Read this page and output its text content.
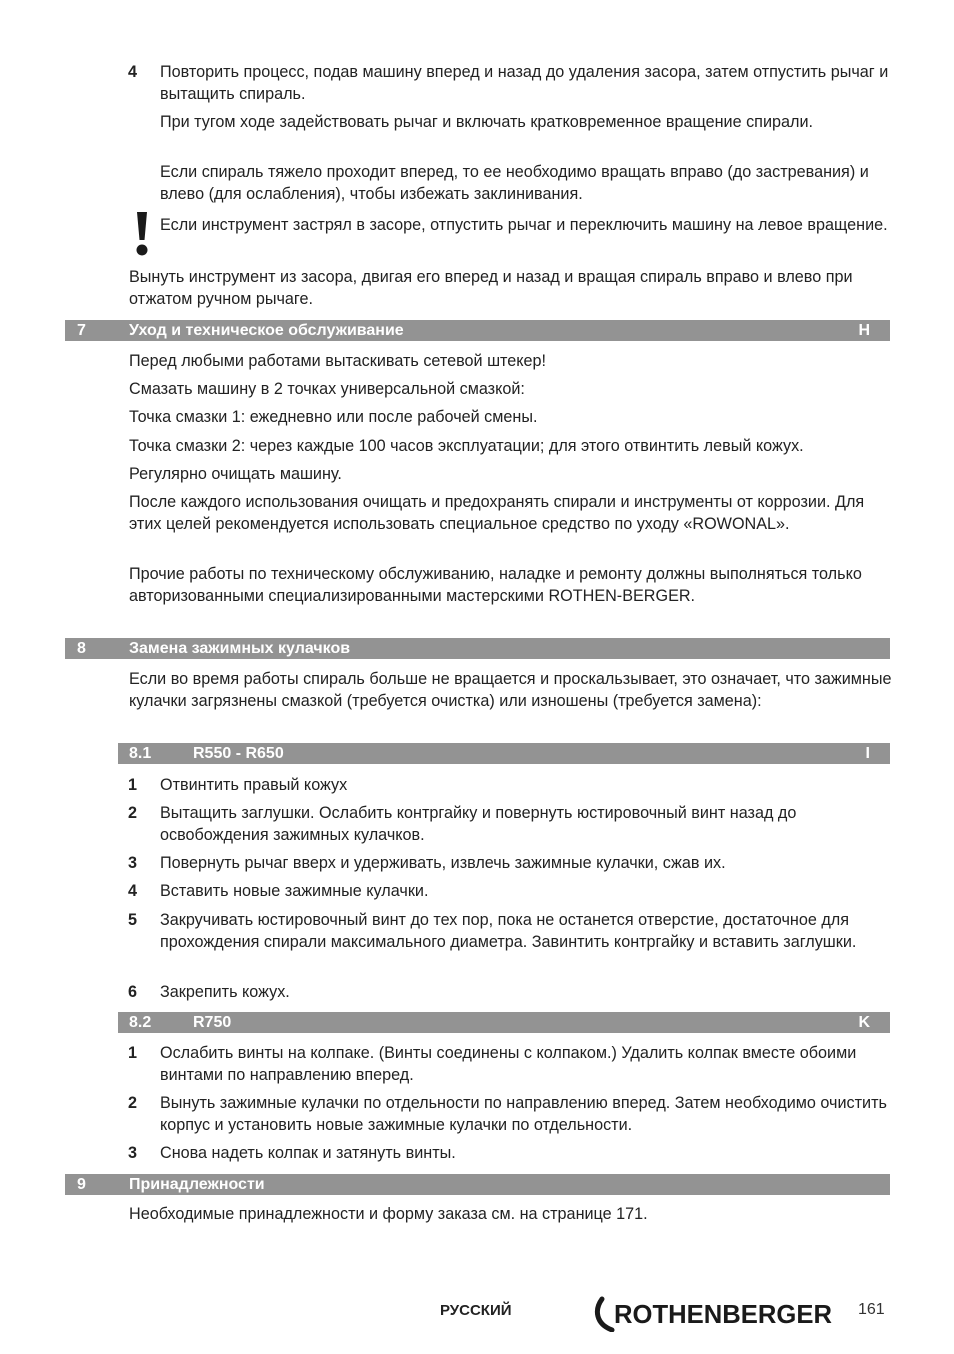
4 Повторить процесс, подав машину вперед и назад до удаления засора, затем отпустить рычаг и вытащить спираль.
При тугом ходе задействовать рычаг и включать кратковременное вращение спирали.
Если спираль тяжело проходит вперед, то ее необходимо вращать вправо (до застревания) и влево (для ослабления), чтобы избежать заклинивания.
Если инструмент застрял в засоре, отпустить рычаг и переключить машину на левое вращение.
Вынуть инструмент из засора, двигая его вперед и назад и вращая спираль вправо и влево при отжатом ручном рычаге.
7	Уход и техническое обслуживание	H
Перед любыми работами вытаскивать сетевой штекер!
Смазать машину в 2 точках универсальной смазкой:
Точка смазки 1: ежедневно или после рабочей смены.
Точка смазки 2: через каждые 100 часов эксплуатации; для этого отвинтить левый кожух.
Регулярно очищать машину.
После каждого использования очищать и предохранять спирали и инструменты от коррозии. Для этих целей рекомендуется использовать специальное средство по уходу «ROWONAL».
Прочие работы по техническому обслуживанию, наладке и ремонту должны выполняться только авторизованными специализированными мастерскими ROTHEN-BERGER.
8	Замена зажимных кулачков
Если во время работы спираль больше не вращается и проскальзывает, это означает, что зажимные кулачки загрязнены смазкой (требуется очистка) или изношены (требуется замена):
8.1	R550 - R650	I
1 Отвинтить правый кожух
2 Вытащить заглушки. Ослабить контргайку и повернуть юстировочный винт назад до освобождения зажимных кулачков.
3 Повернуть рычаг вверх и удерживать, извлечь зажимные кулачки, сжав их.
4 Вставить новые зажимные кулачки.
5 Закручивать юстировочный винт до тех пор, пока не останется отверстие, достаточное для прохождения спирали максимального диаметра. Завинтить контргайку и вставить заглушки.
6 Закрепить кожух.
8.2	R750	K
1 Ослабить винты на колпаке. (Винты соединены с колпаком.) Удалить колпак вместе обоими винтами по направлению вперед.
2 Вынуть зажимные кулачки по отдельности по направлению вперед. Затем необходимо очистить корпус и установить новые зажимные кулачки по отдельности.
3 Снова надеть колпак и затянуть винты.
9	Принадлежности
Необходимые принадлежности и форму заказа см. на странице 171.
РУССКИЙ	ROTHENBERGER 161
